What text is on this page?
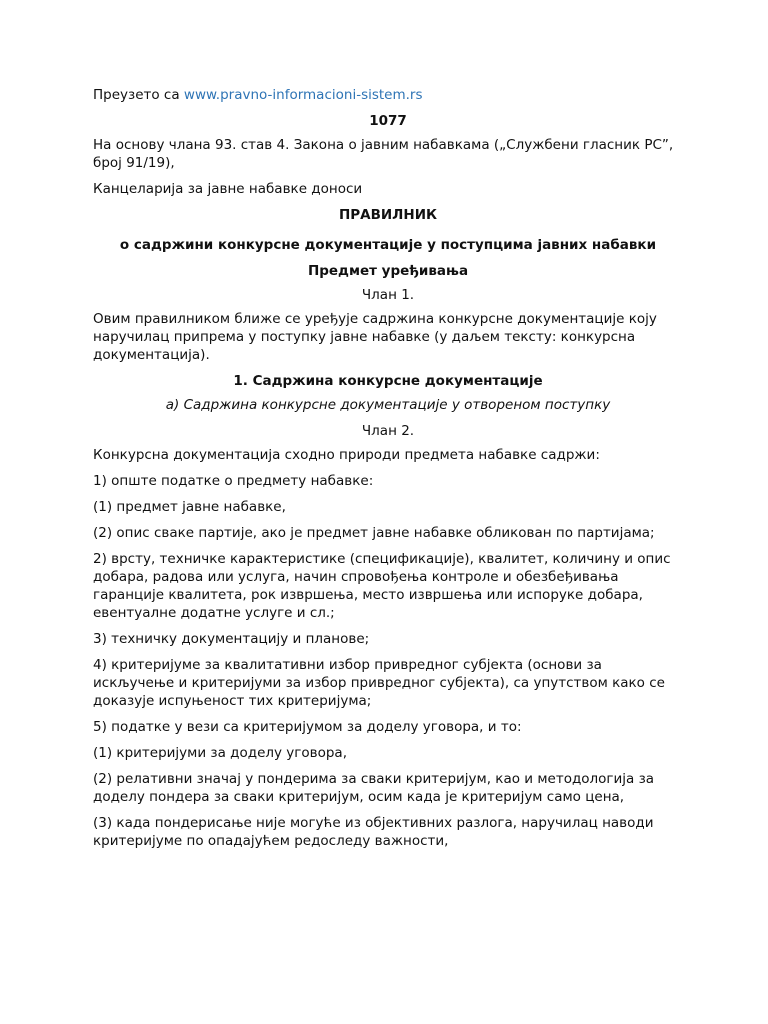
Преузето са www.pravno-informacioni-sistem.rs

1077

На основу члана 93. став 4. Закона о јавним набавкама („Службени гласник РС”, број 91/19),

Канцеларија за јавне набавке доноси

ПРАВИЛНИК

о садржини конкурсне документације у поступцима јавних набавки

Предмет уређивања

Члан 1.

Овим правилником ближе се уређује садржина конкурсне документације коју наручилац припрема у поступку јавне набавке (у даљем тексту: конкурсна документација).

1. Садржина конкурсне документације

а) Садржина конкурсне документације у отвореном поступку

Члан 2.

Конкурсна документација сходно природи предмета набавке садржи:

1) опште податке о предмету набавке:

(1) предмет јавне набавке,

(2) опис сваке партије, ако је предмет јавне набавке обликован по партијама;

2) врсту, техничке карактеристике (спецификације), квалитет, количину и опис добара, радова или услуга, начин спровођења контроле и обезбеђивања гаранције квалитета, рок извршења, место извршења или испоруке добара, евентуалне додатне услуге и сл.;

3) техничку документацију и планове;

4) критеријуме за квалитативни избор привредног субјекта (основи за искључење и критеријуми за избор привредног субјекта), са упутством како се доказује испуњеност тих критеријума;

5) податке у вези са критеријумом за доделу уговора, и то:

(1) критеријуми за доделу уговора,

(2) релативни значај у пондерима за сваки критеријум, као и методологија за доделу пондера за сваки критеријум, осим када је критеријум само цена,

(3) када пондерисање није могуће из објективних разлога, наручилац наводи критеријуме по опадајућем редоследу важности,
